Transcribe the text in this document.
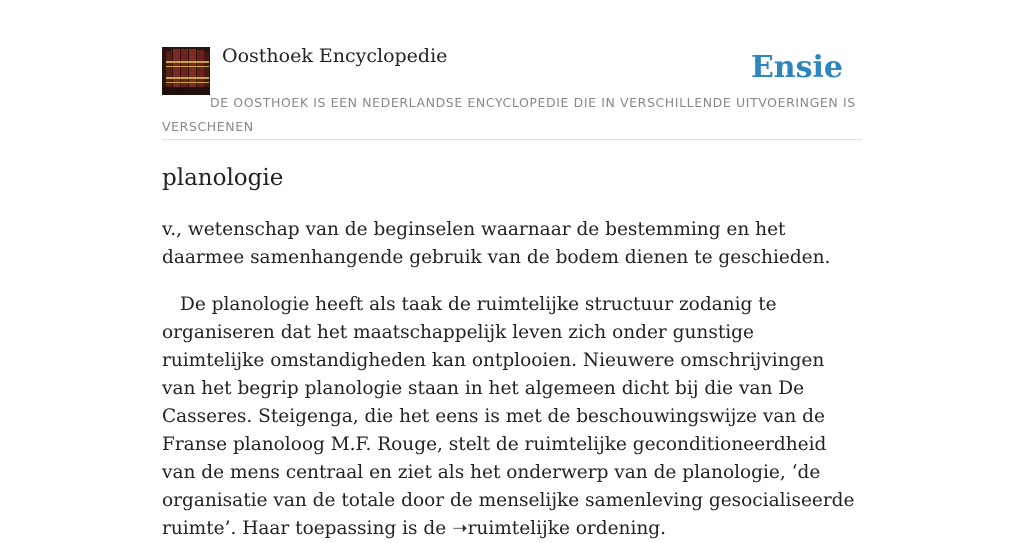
Oosthoek Encyclopedie	Ensie
DE OOSTHOEK IS EEN NEDERLANDSE ENCYCLOPEDIE DIE IN VERSCHILLENDE UITVOERINGEN IS VERSCHENEN
planologie

v., wetenschap van de beginselen waarnaar de bestemming en het daarmee samenhangende gebruik van de bodem dienen te geschieden.

De planologie heeft als taak de ruimtelijke structuur zodanig te organiseren dat het maatschappelijk leven zich onder gunstige ruimtelijke omstandigheden kan ontplooien. Nieuwere omschrijvingen van het begrip planologie staan in het algemeen dicht bij die van De Casseres. Steigenga, die het eens is met de beschouwingswijze van de Franse planoloog M.F. Rouge, stelt de ruimtelijke geconditioneerdheid van de mens centraal en ziet als het onderwerp van de planologie, ‘de organisatie van de totale door de menselijke samenleving gesocialiseerde ruimte’. Haar toepassing is de ➝ruimtelijke ordening.
